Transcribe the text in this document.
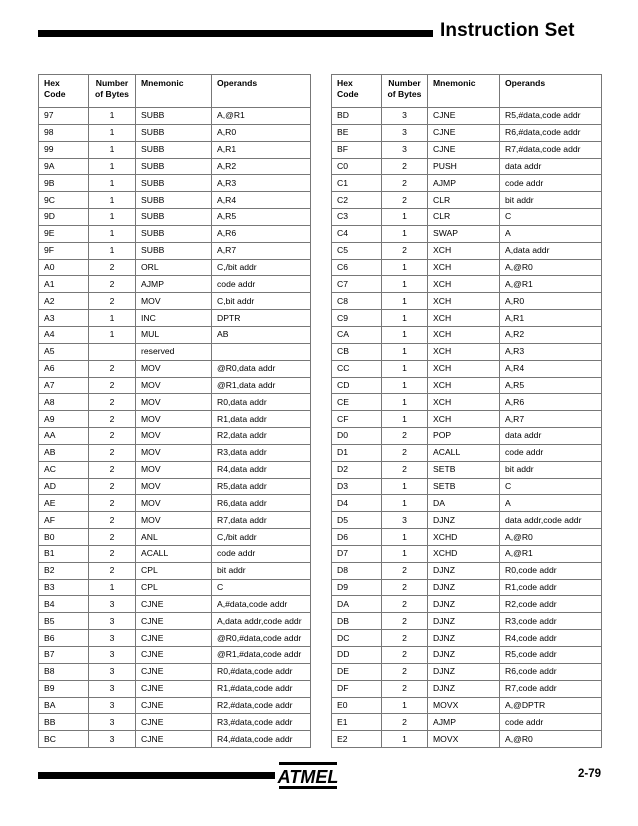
Instruction Set
Hex
Code	Number
of Bytes	Mnemonic	Operands
97	1	SUBB	A,@R1
98	1	SUBB	A,R0
99	1	SUBB	A,R1
9A	1	SUBB	A,R2
9B	1	SUBB	A,R3
9C	1	SUBB	A,R4
9D	1	SUBB	A,R5
9E	1	SUBB	A,R6
9F	1	SUBB	A,R7
A0	2	ORL	C,/bit addr
A1	2	AJMP	code addr
A2	2	MOV	C,bit addr
A3	1	INC	DPTR
A4	1	MUL	AB
A5		reserved	
A6	2	MOV	@R0,data addr
A7	2	MOV	@R1,data addr
A8	2	MOV	R0,data addr
A9	2	MOV	R1,data addr
AA	2	MOV	R2,data addr
AB	2	MOV	R3,data addr
AC	2	MOV	R4,data addr
AD	2	MOV	R5,data addr
AE	2	MOV	R6,data addr
AF	2	MOV	R7,data addr
B0	2	ANL	C,/bit addr
B1	2	ACALL	code addr
B2	2	CPL	bit addr
B3	1	CPL	C
B4	3	CJNE	A,#data,code addr
B5	3	CJNE	A,data addr,code addr
B6	3	CJNE	@R0,#data,code addr
B7	3	CJNE	@R1,#data,code addr
B8	3	CJNE	R0,#data,code addr
B9	3	CJNE	R1,#data,code addr
BA	3	CJNE	R2,#data,code addr
BB	3	CJNE	R3,#data,code addr
BC	3	CJNE	R4,#data,code addr
Hex
Code	Number
of Bytes	Mnemonic	Operands
BD	3	CJNE	R5,#data,code addr
BE	3	CJNE	R6,#data,code addr
BF	3	CJNE	R7,#data,code addr
C0	2	PUSH	data addr
C1	2	AJMP	code addr
C2	2	CLR	bit addr
C3	1	CLR	C
C4	1	SWAP	A
C5	2	XCH	A,data addr
C6	1	XCH	A,@R0
C7	1	XCH	A,@R1
C8	1	XCH	A,R0
C9	1	XCH	A,R1
CA	1	XCH	A,R2
CB	1	XCH	A,R3
CC	1	XCH	A,R4
CD	1	XCH	A,R5
CE	1	XCH	A,R6
CF	1	XCH	A,R7
D0	2	POP	data addr
D1	2	ACALL	code addr
D2	2	SETB	bit addr
D3	1	SETB	C
D4	1	DA	A
D5	3	DJNZ	data addr,code addr
D6	1	XCHD	A,@R0
D7	1	XCHD	A,@R1
D8	2	DJNZ	R0,code addr
D9	2	DJNZ	R1,code addr
DA	2	DJNZ	R2,code addr
DB	2	DJNZ	R3,code addr
DC	2	DJNZ	R4,code addr
DD	2	DJNZ	R5,code addr
DE	2	DJNZ	R6,code addr
DF	2	DJNZ	R7,code addr
E0	1	MOVX	A,@DPTR
E1	2	AJMP	code addr
E2	1	MOVX	A,@R0
ATMEL	2-79
